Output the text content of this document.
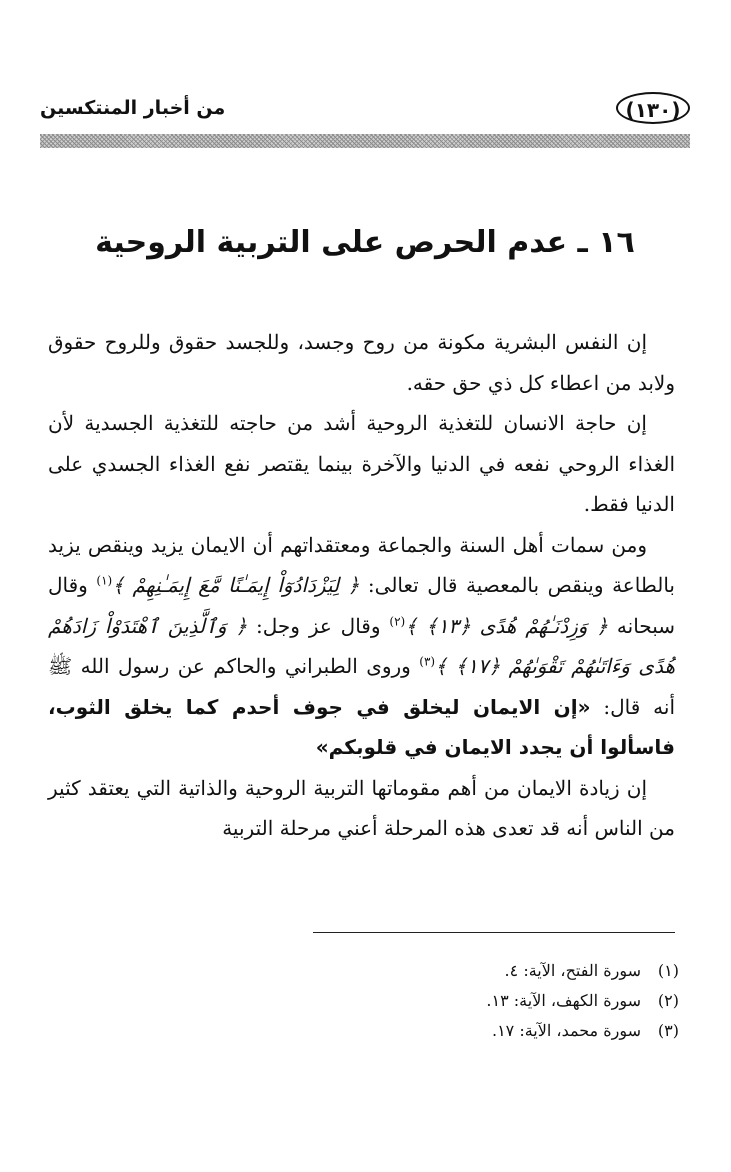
(١٣٠)
من أخبار المنتكسين
١٦ ـ عدم الحرص على التربية الروحية

إن النفس البشرية مكونة من روح وجسد، وللجسد حقوق وللروح حقوق ولابد من اعطاء كل ذي حق حقه.

إن حاجة الانسان للتغذية الروحية أشد من حاجته للتغذية الجسدية لأن الغذاء الروحي نفعه في الدنيا والآخرة بينما يقتصر نفع الغذاء الجسدي على الدنيا فقط.

ومن سمات أهل السنة والجماعة ومعتقداتهم أن الايمان يزيد وينقص يزيد بالطاعة وينقص بالمعصية قال تعالى: ﴿ لِيَزْدَادُوٓاْ إِيمَـٰنًا مَّعَ إِيمَـٰنِهِمْ ﴾$^{(١)}$ وقال سبحانه ﴿ وَزِدْنَـٰهُمْ هُدًى ﴿١٣﴾ ﴾$^{(٢)}$ وقال عز وجل: ﴿ وَٱلَّذِينَ ٱهْتَدَوْاْ زَادَهُمْ هُدًى وَءَاتَىٰهُمْ تَقْوَىٰهُمْ ﴿١٧﴾ ﴾$^{(٣)}$ وروى الطبراني والحاكم عن رسول الله ﷺ أنه قال: «إن الايمان ليخلق في جوف أحدم كما يخلق الثوب، فاسألوا أن يجدد الايمان في قلوبكم»

إن زيادة الايمان من أهم مقوماتها التربية الروحية والذاتية التي يعتقد كثير من الناس أنه قد تعدى هذه المرحلة أعني مرحلة التربية

(١)سورة الفتح، الآية: ٤.
(٢)سورة الكهف، الآية: ١٣.
(٣)سورة محمد، الآية: ١٧.
